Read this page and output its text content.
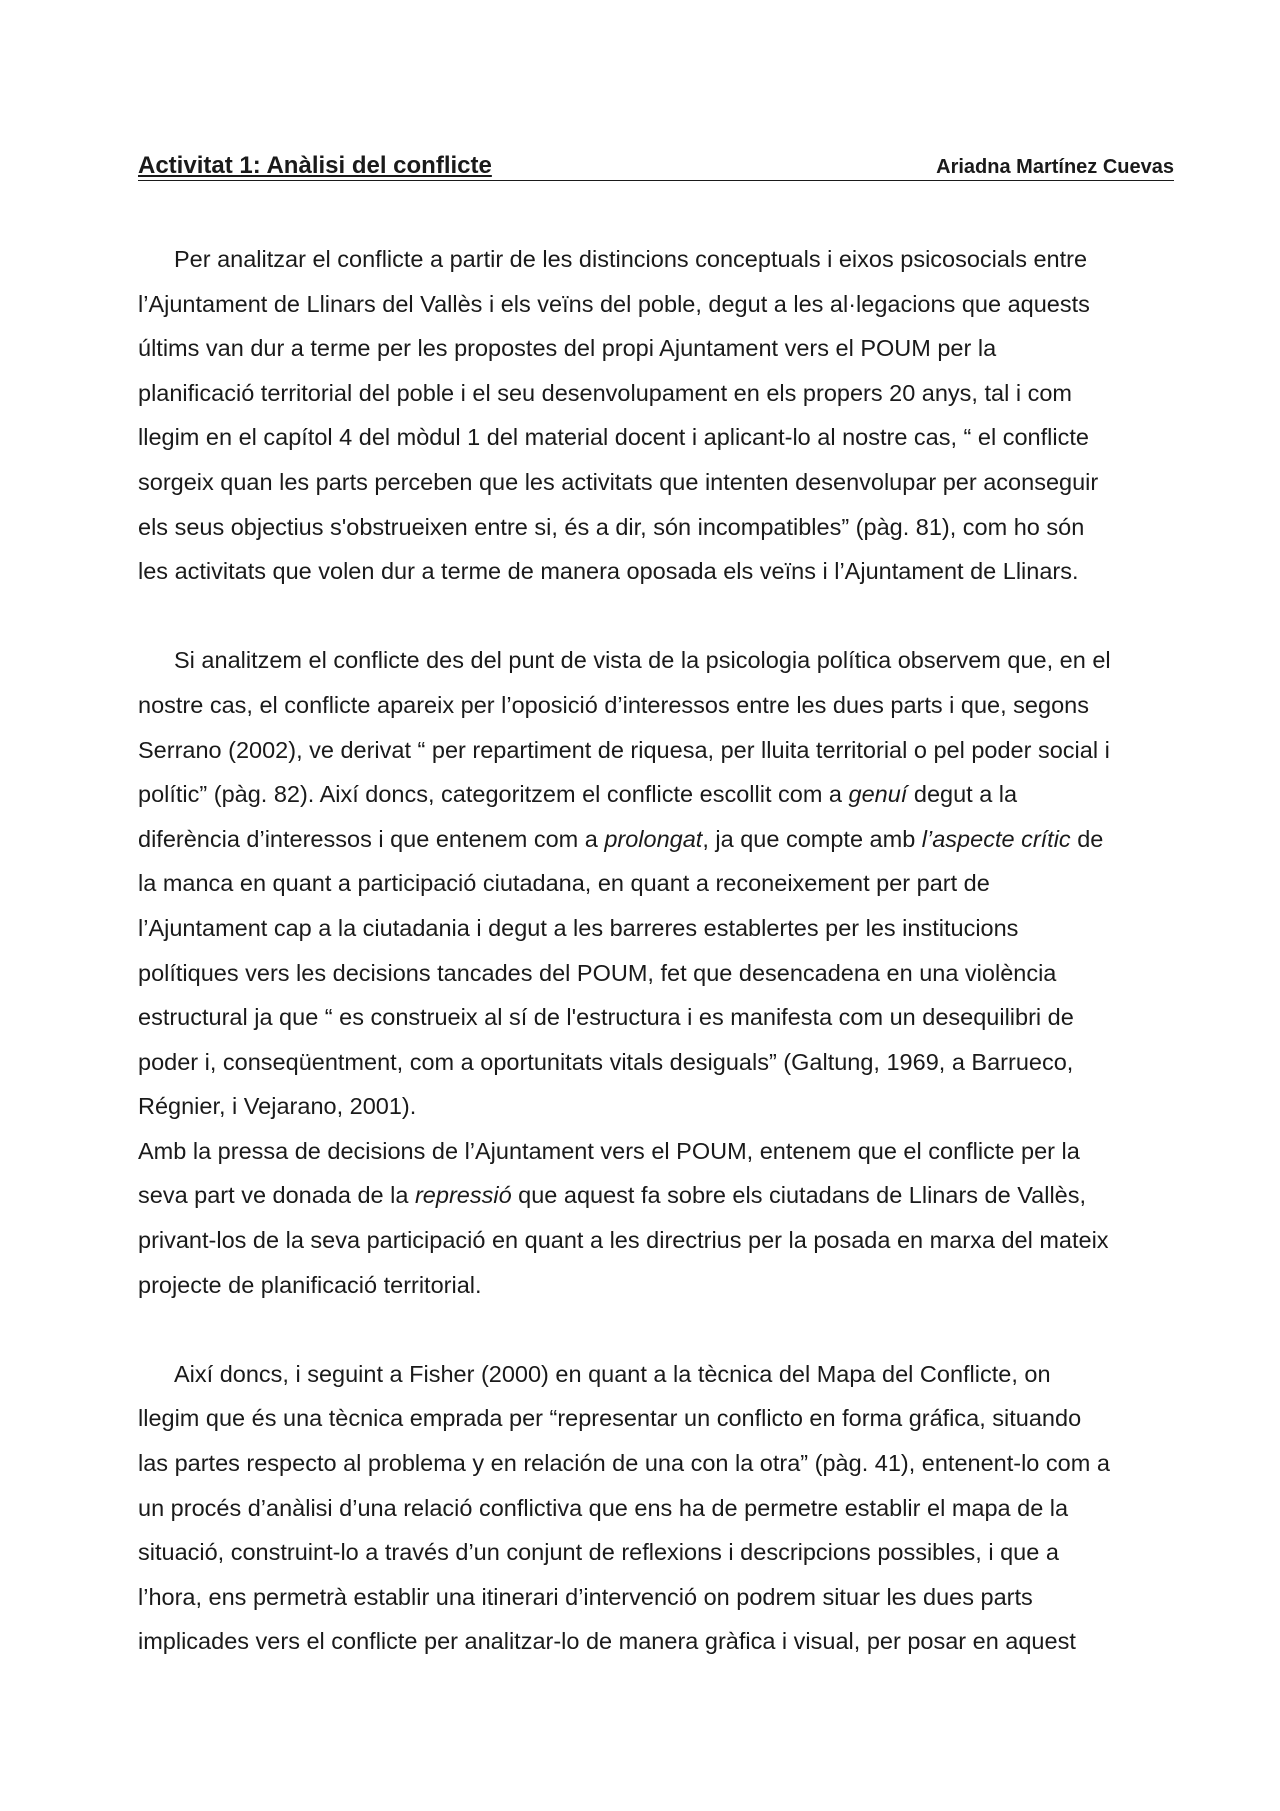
Activitat 1: Anàlisi del conflicte	Ariadna Martínez Cuevas
Per analitzar el conflicte a partir de les distincions conceptuals i eixos psicosocials entre
l’Ajuntament de Llinars del Vallès i els veïns del poble, degut a les al·legacions que aquests
últims van dur a terme per les propostes del propi Ajuntament vers el POUM per la
planificació territorial del poble i el seu desenvolupament en els propers 20 anys, tal i com
llegim en el capítol 4 del mòdul 1 del material docent i aplicant-lo al nostre cas, “ el conflicte
sorgeix quan les parts perceben que les activitats que intenten desenvolupar per aconseguir
els seus objectius s'obstrueixen entre si, és a dir, són incompatibles” (pàg. 81), com ho són
les activitats que volen dur a terme de manera oposada els veïns i l’Ajuntament de Llinars.
Si analitzem el conflicte des del punt de vista de la psicologia política observem que, en el
nostre cas, el conflicte apareix per l’oposició d’interessos entre les dues parts i que, segons
Serrano (2002), ve derivat “ per repartiment de riquesa, per lluita territorial o pel poder social i
polític” (pàg. 82). Així doncs, categoritzem el conflicte escollit com a genuí degut a la
diferència d’interessos i que entenem com a prolongat, ja que compte amb l’aspecte crític de
la manca en quant a participació ciutadana, en quant a reconeixement per part de
l’Ajuntament cap a la ciutadania i degut a les barreres establertes per les institucions
polítiques vers les decisions tancades del POUM, fet que desencadena en una violència
estructural ja que “ es construeix al sí de l'estructura i es manifesta com un desequilibri de
poder i, conseqüentment, com a oportunitats vitals desiguals” (Galtung, 1969, a Barrueco,
Régnier, i Vejarano, 2001).
Amb la pressa de decisions de l’Ajuntament vers el POUM, entenem que el conflicte per la
seva part ve donada de la repressió que aquest fa sobre els ciutadans de Llinars de Vallès,
privant-los de la seva participació en quant a les directrius per la posada en marxa del mateix
projecte de planificació territorial.
Així doncs, i seguint a Fisher (2000) en quant a la tècnica del Mapa del Conflicte, on
llegim que és una tècnica emprada per “representar un conflicto en forma gráfica, situando
las partes respecto al problema y en relación de una con la otra” (pàg. 41), entenent-lo com a
un procés d’anàlisi d’una relació conflictiva que ens ha de permetre establir el mapa de la
situació, construint-lo a través d’un conjunt de reflexions i descripcions possibles, i que a
l’hora, ens permetrà establir una itinerari d’intervenció on podrem situar les dues parts
implicades vers el conflicte per analitzar-lo de manera gràfica i visual, per posar en aquest
